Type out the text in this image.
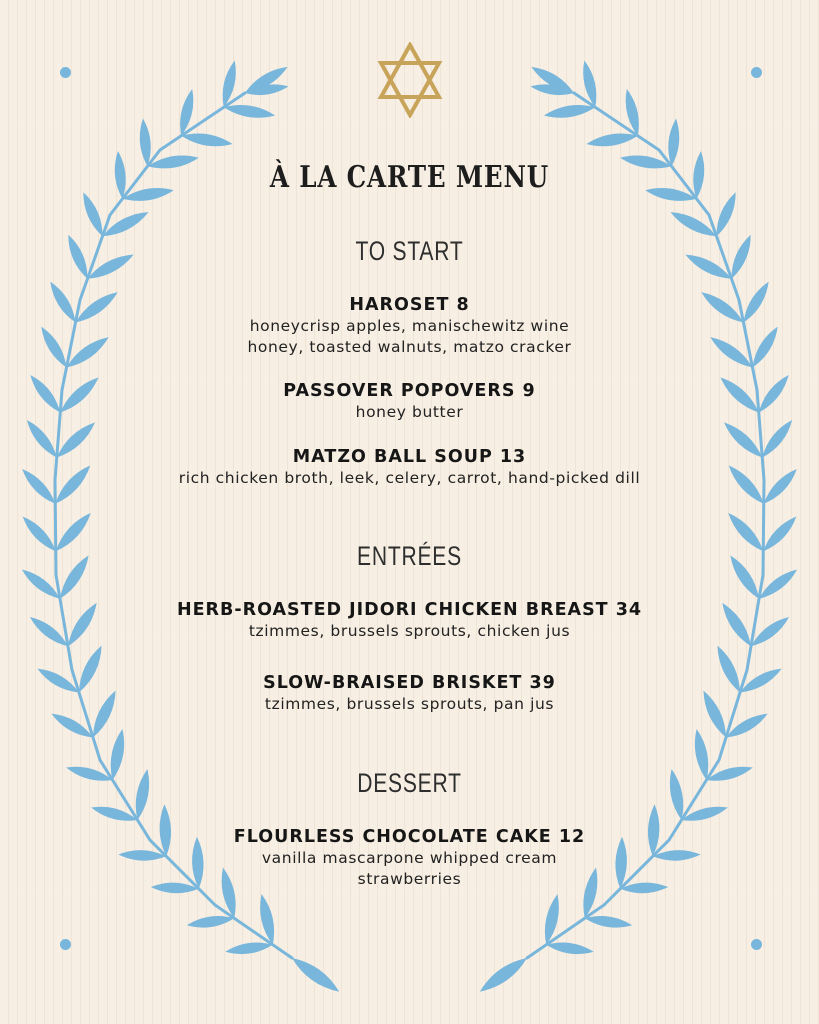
À LA CARTE MENU
TO START
HAROSET 8
honeycrisp apples, manischewitz wine
honey, toasted walnuts, matzo cracker
PASSOVER POPOVERS 9
honey butter
MATZO BALL SOUP 13
rich chicken broth, leek, celery, carrot, hand-picked dill
ENTRÉES
HERB-ROASTED JIDORI CHICKEN BREAST 34
tzimmes, brussels sprouts, chicken jus
SLOW-BRAISED BRISKET 39
tzimmes, brussels sprouts, pan jus
DESSERT
FLOURLESS CHOCOLATE CAKE 12
vanilla mascarpone whipped cream
strawberries
